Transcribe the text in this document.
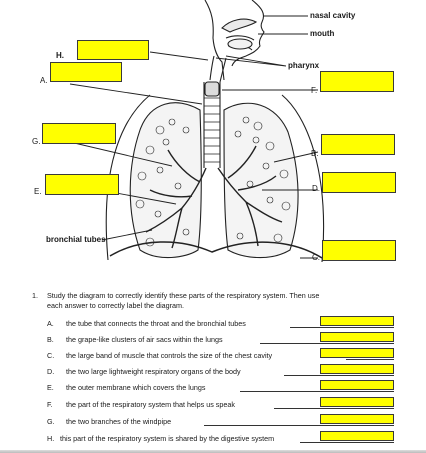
nasal cavity
mouth
pharynx
bronchial tubes
H.
A.
F.
G.
B.
E.	D.
C.
1. Study the diagram to correctly identify these parts of the respiratory system. Then use
each answer to correctly label the diagram.
A. the tube that connects the throat and the bronchial tubes
B. the grape-like clusters of air sacs within the lungs
C. the large band of muscle that controls the size of the chest cavity
D. the two large lightweight respiratory organs of the body
E. the outer membrane which covers the lungs
F. the part of the respiratory system that helps us speak
G. the two branches of the windpipe
H. this part of the respiratory system is shared by the digestive system
